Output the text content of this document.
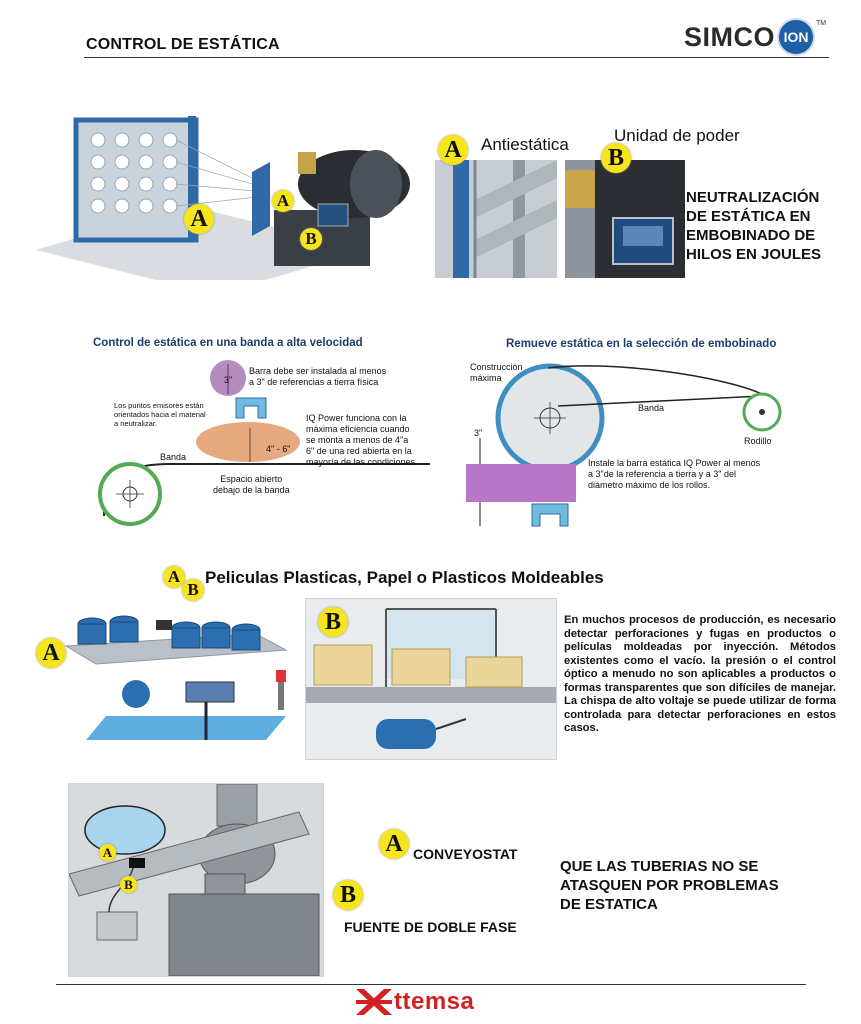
CONTROL DE ESTÁTICA	SIMCO ION
TM
A
A
B
A	Antiestática B
Unidad de poder
NEUTRALIZACIÓN
DE ESTÁTICA EN
EMBOBINADO DE
HILOS EN JOULES
Control de estática en una banda a alta velocidad
3"
4" - 6"
Banda
Barra debe ser instalada al menos
a 3" de referencias a tierra física
Los puntos emisores están
orientados hacia el material
a neutralizar.
IQ Power funciona con la
máxima eficiencia cuando
se monta a menos de 4"a
6" de una red abierta en la
mayoría de las condiciones
Espacio abierto
debajo de la banda
Remueve estática en la selección de embobinado
3"
Banda
Rodillo
Construcción
máxima
Instale la barra estática IQ Power al menos
a 3"de la referencia a tierra y a 3" del
diámetro máximo de los rollos.
A
B
Peliculas Plasticas, Papel o Plasticos Moldeables
A
B	En muchos procesos de producción, es necesario detectar perforaciones y fugas en productos o películas moldeadas por inyección. Métodos existentes como el vacío. la presión o el control óptico a menudo no son aplicables a productos o formas transparentes que son difíciles de manejar. La chispa de alto voltaje se puede utilizar de forma controlada para detectar perforaciones en estos casos.
A
B
A CONVEYOSTAT
B
FUENTE DE DOBLE FASE
QUE LAS TUBERIAS NO SE
ATASQUEN POR PROBLEMAS
DE ESTATICA
ttemsa
